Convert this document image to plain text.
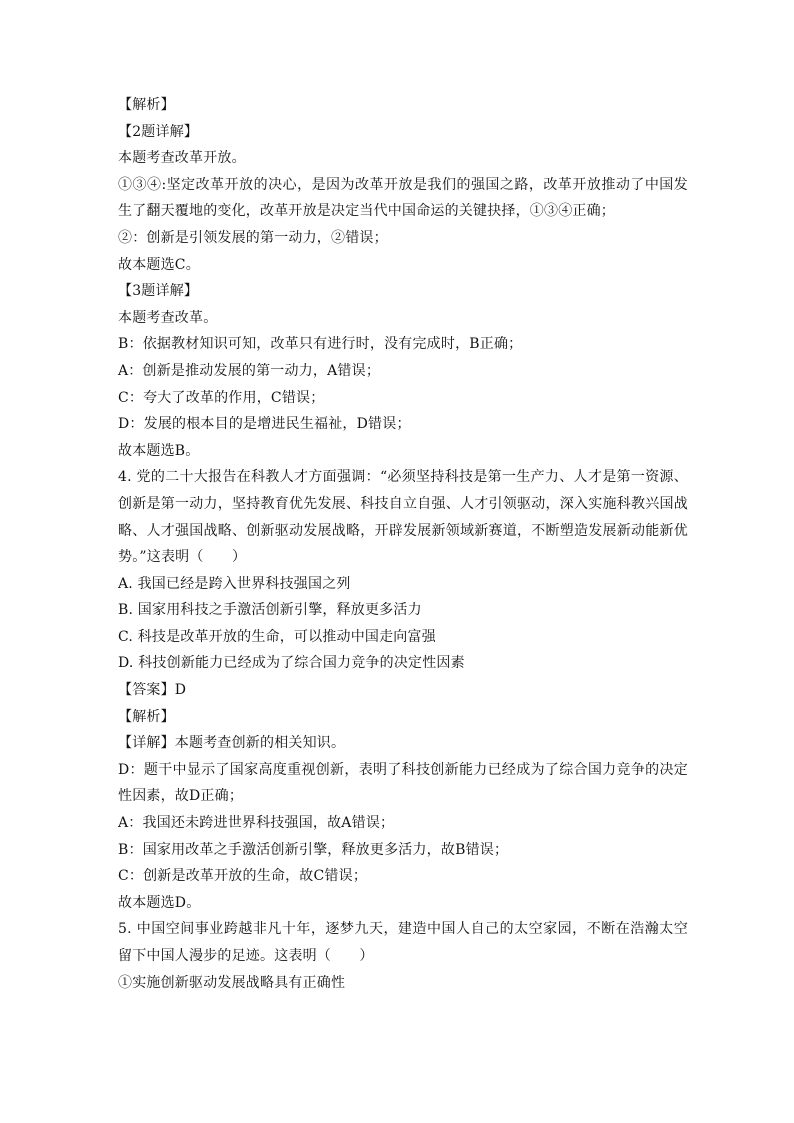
【解析】
【2题详解】
本题考查改革开放。
①③④:坚定改革开放的决心，是因为改革开放是我们的强国之路，改革开放推动了中国发生了翻天覆地的变化，改革开放是决定当代中国命运的关键抉择，①③④正确；
②：创新是引领发展的第一动力，②错误；
故本题选C。
【3题详解】
本题考查改革。
B：依据教材知识可知，改革只有进行时，没有完成时，B正确；
A：创新是推动发展的第一动力，A错误；
C：夸大了改革的作用，C错误；
D：发展的根本目的是增进民生福祉，D错误；
故本题选B。
4. 党的二十大报告在科教人才方面强调：“必须坚持科技是第一生产力、人才是第一资源、创新是第一动力，坚持教育优先发展、科技自立自强、人才引领驱动，深入实施科教兴国战略、人才强国战略、创新驱动发展战略，开辟发展新领域新赛道，不断塑造发展新动能新优势。”这表明（　　）
A. 我国已经是跨入世界科技强国之列
B. 国家用科技之手激活创新引擎，释放更多活力
C. 科技是改革开放的生命，可以推动中国走向富强
D. 科技创新能力已经成为了综合国力竞争的决定性因素
【答案】D
【解析】
【详解】本题考查创新的相关知识。
D：题干中显示了国家高度重视创新，表明了科技创新能力已经成为了综合国力竞争的决定性因素，故D正确；
A：我国还未跨进世界科技强国，故A错误；
B：国家用改革之手激活创新引擎，释放更多活力，故B错误；
C：创新是改革开放的生命，故C错误；
故本题选D。
5. 中国空间事业跨越非凡十年，逐梦九天，建造中国人自己的太空家园，不断在浩瀚太空留下中国人漫步的足迹。这表明（　　）
①实施创新驱动发展战略具有正确性
